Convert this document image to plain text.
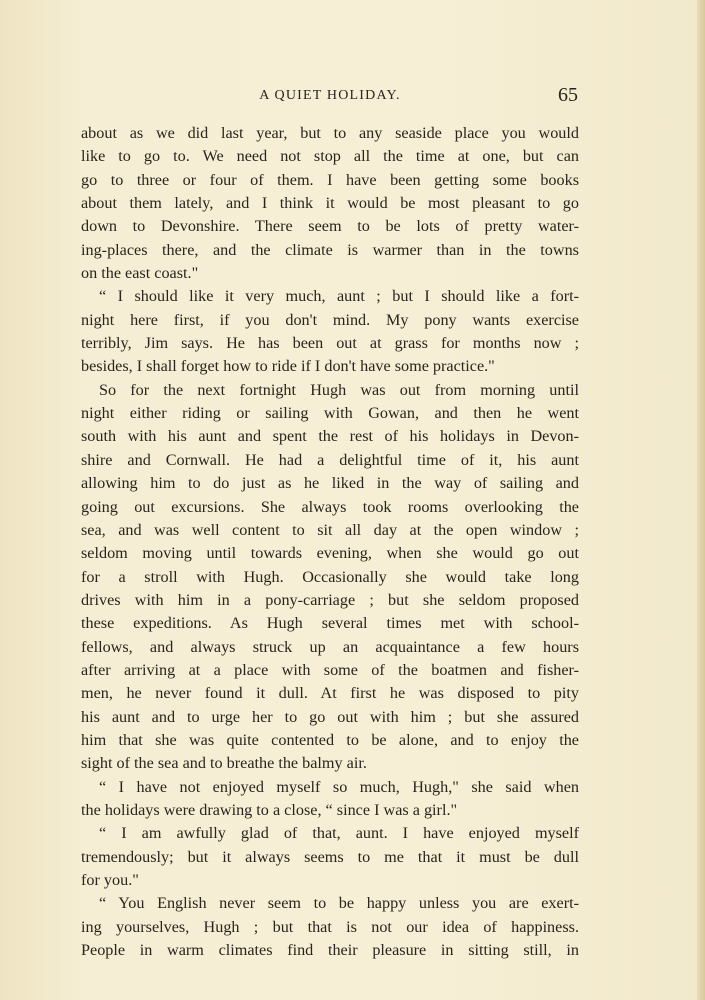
A QUIET HOLIDAY.	65
about as we did last year, but to any seaside place you would
like to go to. We need not stop all the time at one, but can
go to three or four of them. I have been getting some books
about them lately, and I think it would be most pleasant to go
down to Devonshire. There seem to be lots of pretty water-
ing-places there, and the climate is warmer than in the towns
on the east coast."
“ I should like it very much, aunt ; but I should like a fort-
night here first, if you don't mind. My pony wants exercise
terribly, Jim says. He has been out at grass for months now ;
besides, I shall forget how to ride if I don't have some practice."
So for the next fortnight Hugh was out from morning until
night either riding or sailing with Gowan, and then he went
south with his aunt and spent the rest of his holidays in Devon-
shire and Cornwall. He had a delightful time of it, his aunt
allowing him to do just as he liked in the way of sailing and
going out excursions. She always took rooms overlooking the
sea, and was well content to sit all day at the open window ;
seldom moving until towards evening, when she would go out
for a stroll with Hugh. Occasionally she would take long
drives with him in a pony-carriage ; but she seldom proposed
these expeditions. As Hugh several times met with school-
fellows, and always struck up an acquaintance a few hours
after arriving at a place with some of the boatmen and fisher-
men, he never found it dull. At first he was disposed to pity
his aunt and to urge her to go out with him ; but she assured
him that she was quite contented to be alone, and to enjoy the
sight of the sea and to breathe the balmy air.
“ I have not enjoyed myself so much, Hugh," she said when
the holidays were drawing to a close, “ since I was a girl."
“ I am awfully glad of that, aunt. I have enjoyed myself
tremendously; but it always seems to me that it must be dull
for you."
“ You English never seem to be happy unless you are exert-
ing yourselves, Hugh ; but that is not our idea of happiness.
People in warm climates find their pleasure in sitting still, in
